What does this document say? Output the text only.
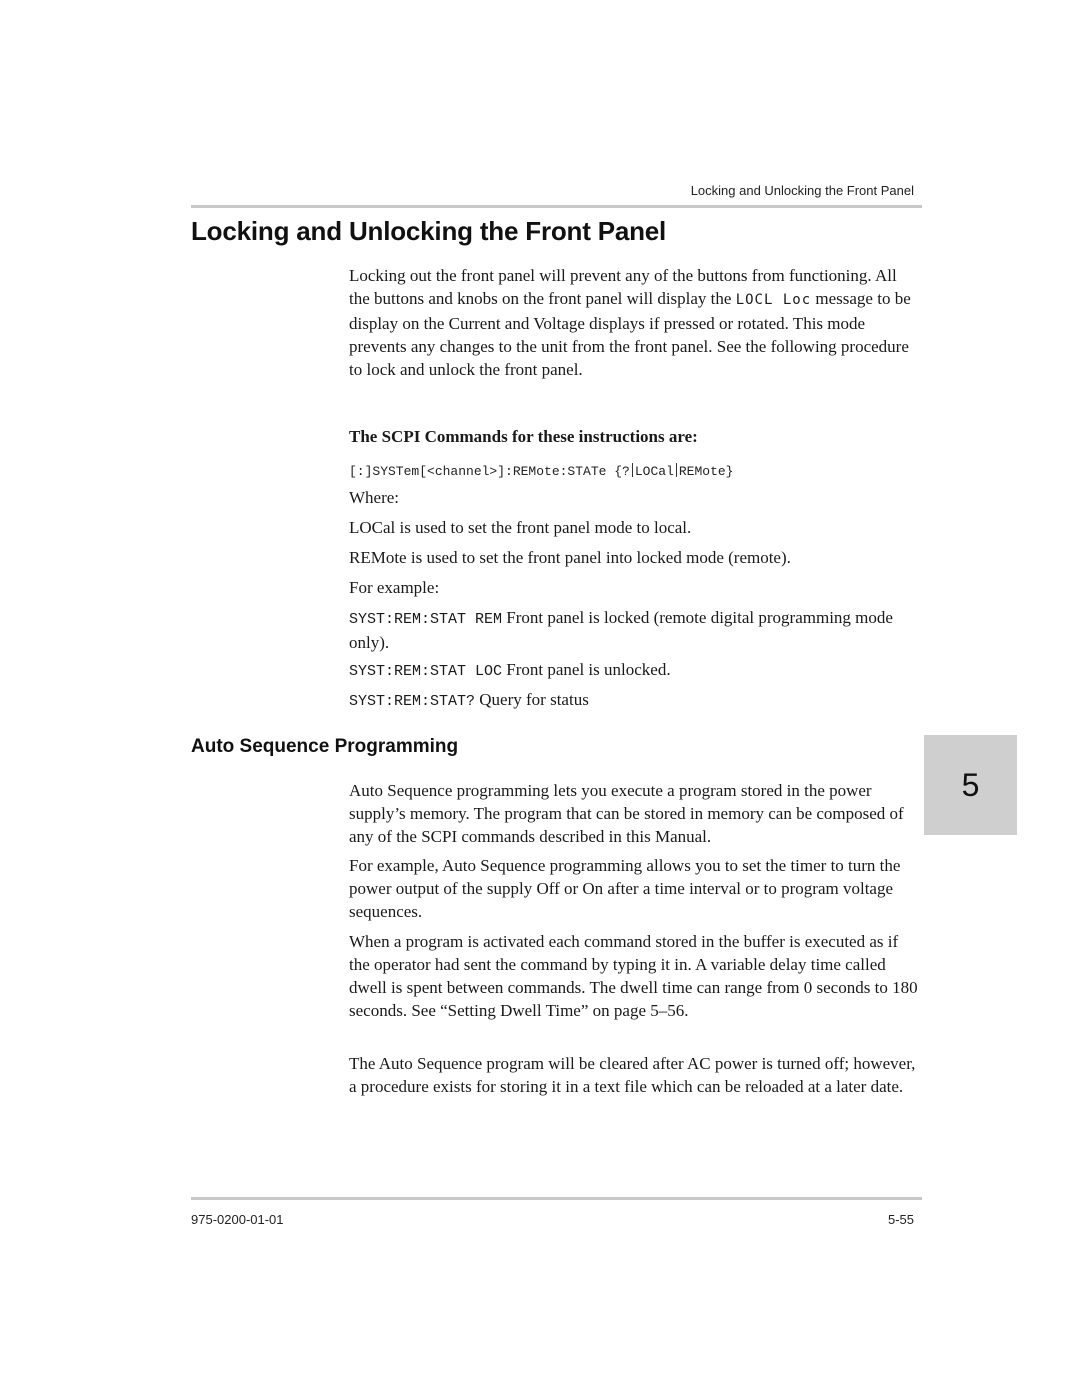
Locking and Unlocking the Front Panel
Locking and Unlocking the Front Panel

Locking out the front panel will prevent any of the buttons from functioning. All the buttons and knobs on the front panel will display the LOCL Loc message to be display on the Current and Voltage displays if pressed or rotated. This mode prevents any changes to the unit from the front panel. See the following procedure to lock and unlock the front panel.

The SCPI Commands for these instructions are:
[:]SYSTem[<channel>]:REMote:STATe {? LOCal REMote}
Where:
LOCal is used to set the front panel mode to local.
REMote is used to set the front panel into locked mode (remote).
For example:
SYST:REM:STAT REM Front panel is locked (remote digital programming mode only).
SYST:REM:STAT LOC Front panel is unlocked.
SYST:REM:STAT? Query for status
Auto Sequence Programming

Auto Sequence programming lets you execute a program stored in the power supply’s memory. The program that can be stored in memory can be composed of any of the SCPI commands described in this Manual.

For example, Auto Sequence programming allows you to set the timer to turn the power output of the supply Off or On after a time interval or to program voltage sequences.

When a program is activated each command stored in the buffer is executed as if the operator had sent the command by typing it in. A variable delay time called dwell is spent between commands. The dwell time can range from 0 seconds to 180 seconds. See “Setting Dwell Time” on page 5–56.

The Auto Sequence program will be cleared after AC power is turned off; however, a procedure exists for storing it in a text file which can be reloaded at a later date.

5
975-0200-01-01	5-55
